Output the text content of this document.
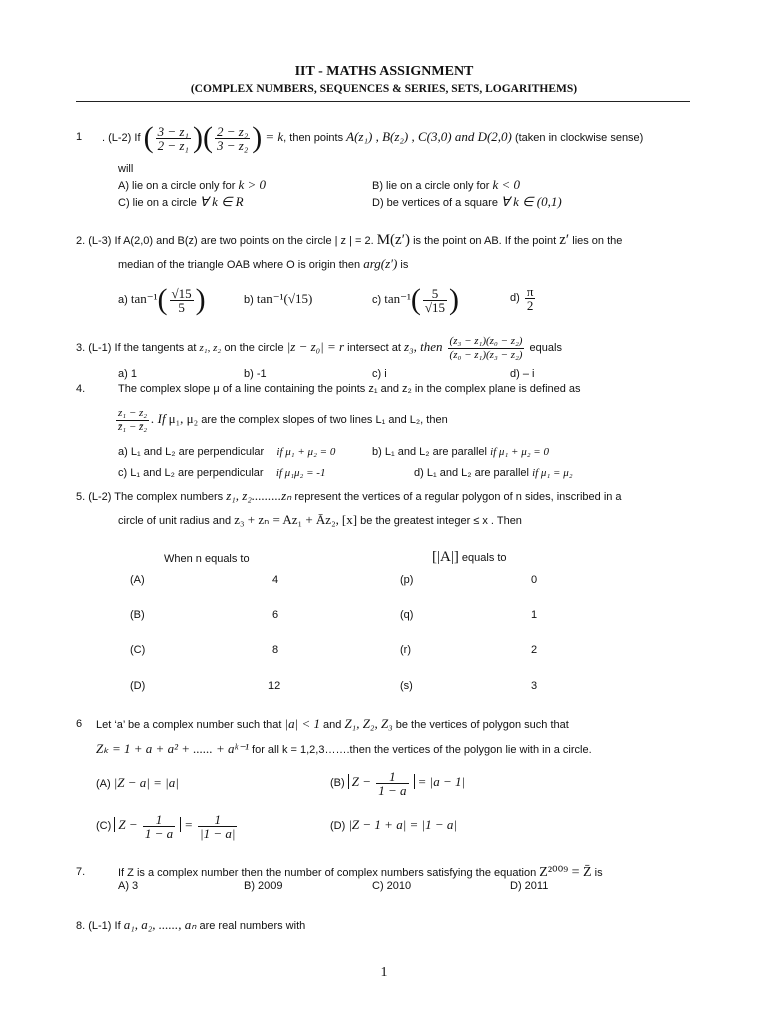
IIT - MATHS ASSIGNMENT
(COMPLEX NUMBERS, SEQUENCES & SERIES, SETS, LOGARITHEMS)
1 . (L-2) If ( $\frac{\text{3 − z₁}}{\text{2 − z₁}}$ )( $\frac{\text{2 − z₂}}{\text{3 − z₂}}$ ) = k, then points A(z₁) , B(z₂) , C(3,0) and D(2,0) (taken in clockwise sense)
will
A) lie on a circle only for k > 0	B) lie on a circle only for k < 0
C) lie on a circle ∀ k ∈ R	D) be vertices of a square ∀ k ∈ (0,1)
2. (L-3) If A(2,0) and B(z) are two points on the circle | z | = 2. M(z′) is the point on AB. If the point z′ lies on the
median of the triangle OAB where O is origin then arg(z′) is
a) $\tan^{-1}( \frac{√15}{5}$ )	b) tan⁻¹(√15)	c) $\tan^{-1}( \frac{5}{√15}$ )	$d) \frac{\pi}{2}$
3. (L-1) If the tangents at z₁, z₂ on the circle |z − z₀| = r intersect at z₃, then $\frac{\text{(z₃ − z₁)(z₀ − z₂)}}{\text{(z₀ − z₁)(z₃ − z₂)}}$ equals
a) 1	b) -1	c) i	d) – i
4.	The complex slope μ of a line containing the points z₁ and z₂ in the complex plane is defined as
$\frac{\text{z₁ − z₂}}{\text{z̄₁ − z̄₂}}$ . If μ₁, μ₂ are the complex slopes of two lines L₁ and L₂, then
a) L₁ and L₂ are perpendicular if μ₁ + μ₂ = 0	b) L₁ and L₂ are parallel if μ₁ + μ₂ = 0
c) L₁ and L₂ are perpendicular if μ₁μ₂ = -1	d) L₁ and L₂ are parallel if μ₁ = μ₂
5. (L-2) The complex numbers z₁, z₂.........zₙ represent the vertices of a regular polygon of n sides, inscribed in a
circle of unit radius and z₃ + zₙ = Az₁ + Āz₂, [x] be the greatest integer ≤ x . Then
When n equals to	[|A|] equals to
(A)	4	(p)	0
(B)	6	(q)	1
(C)	8	(r)	2
(D)	12	(s)	3
6 Let ‘a’ be a complex number such that |a| < 1 and Z₁, Z₂, Z₃ be the vertices of polygon such that
Zₖ = 1 + a + a² + ...... + aᵏ⁻¹ for all k = 1,2,3…….then the vertices of the polygon lie with in a circle.
(A) |Z − a| = |a|	(B) $Z - \frac{1}{1 - a} = |a - 1|$
(C) $Z - \frac{1}{1 - a} = \frac{1}{|1 - a|}$	(D) |Z − 1 + a| = |1 − a|
7.	If Z is a complex number then the number of complex numbers satisfying the equation Z²⁰⁰⁹ = Z̄ is
A) 3	B) 2009	C) 2010	D) 2011
8. (L-1) If a₁, a₂, ......, aₙ are real numbers with
1
